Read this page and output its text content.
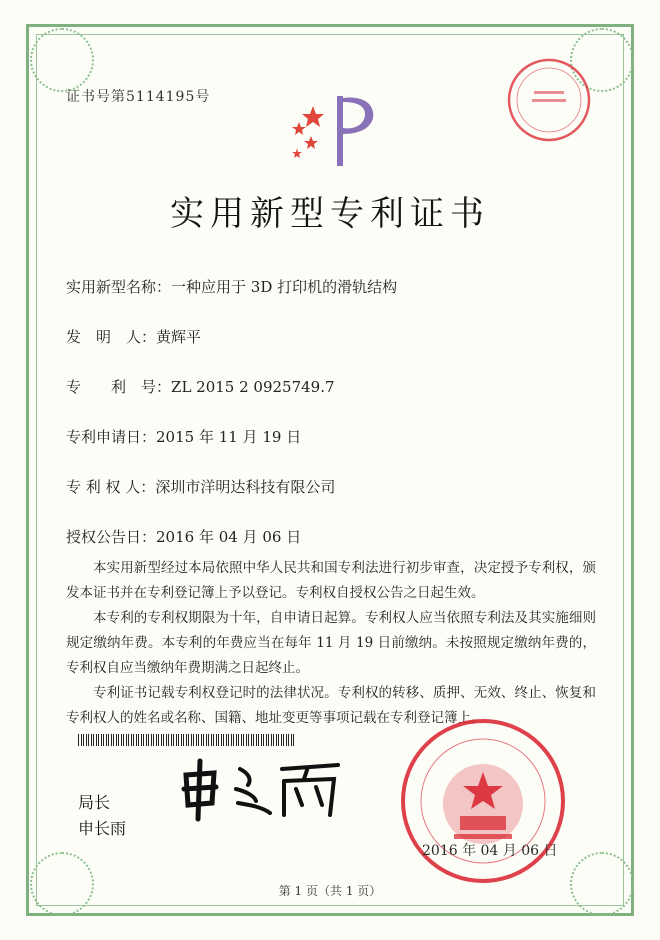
证书号第5114195号
实用新型专利证书
实用新型名称：一种应用于 3D 打印机的滑轨结构
发　明　人：黄辉平
专　　利　号：ZL 2015 2 0925749.7
专利申请日：2015 年 11 月 19 日
专 利 权 人：深圳市洋明达科技有限公司
授权公告日：2016 年 04 月 06 日

本实用新型经过本局依照中华人民共和国专利法进行初步审查，决定授予专利权，颁发本证书并在专利登记簿上予以登记。专利权自授权公告之日起生效。

本专利的专利权期限为十年，自申请日起算。专利权人应当依照专利法及其实施细则规定缴纳年费。本专利的年费应当在每年 11 月 19 日前缴纳。未按照规定缴纳年费的，专利权自应当缴纳年费期满之日起终止。

专利证书记载专利权登记时的法律状况。专利权的转移、质押、无效、终止、恢复和专利权人的姓名或名称、国籍、地址变更等事项记载在专利登记簿上。

局长
申长雨
2016 年 04 月 06 日
第 1 页（共 1 页）
